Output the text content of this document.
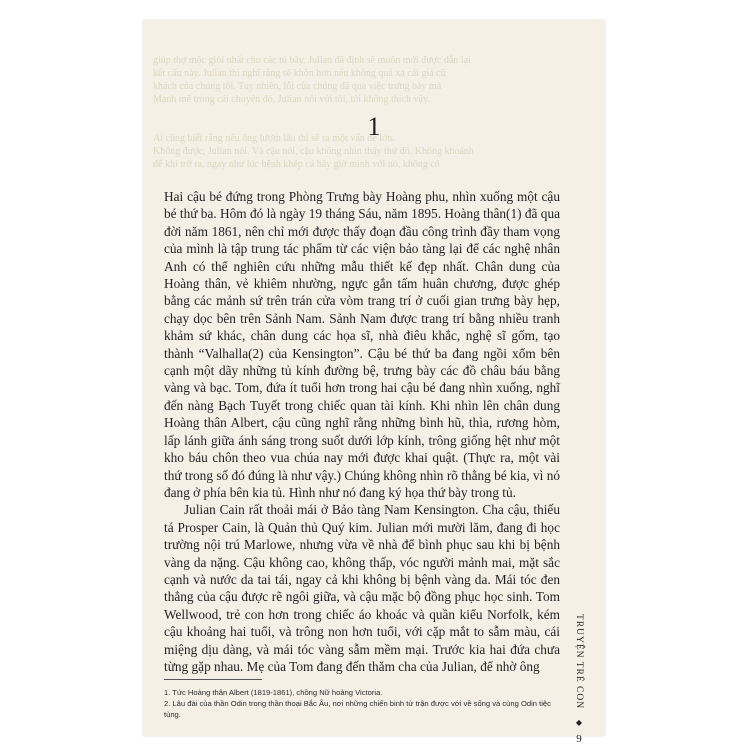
giúp thợ mộc giỏi nhất cho các tủ bày. Julian đã định sẽ muộn mới được dẫn lại
kết cấu này. Julian thì nghĩ rằng sẽ khôn hơn nếu không quá xa cái giá cũ
khách của chúng tôi. Tuy nhiên, lỗi của chúng đã qua việc trưng bày mà
Mạnh mẽ trong cái chuyện đó, Julian nói với tôi, tôi không thích vậy.

Ai cũng biết rằng nếu ông lượm lâu thì sẽ ra một vấn đề lớn.
Không được, Julian nói. Và cậu nói, cậu không nhìn thấy thứ đó. Không khoảnh
để khi trở ra, ngay như lúc bệnh khép cả bây giờ mình với nó, không có
1

Hai cậu bé đứng trong Phòng Trưng bày Hoàng phu, nhìn xuống một cậu bé thứ ba. Hôm đó là ngày 19 tháng Sáu, năm 1895. Hoàng thân(1) đã qua đời năm 1861, nên chỉ mới được thấy đoạn đầu công trình đầy tham vọng của mình là tập trung tác phẩm từ các viện bảo tàng lại để các nghệ nhân Anh có thể nghiên cứu những mẫu thiết kế đẹp nhất. Chân dung của Hoàng thân, vẻ khiêm nhường, ngực gắn tấm huân chương, được ghép bằng các mảnh sứ trên trán cửa vòm trang trí ở cuối gian trưng bày hẹp, chạy dọc bên trên Sảnh Nam. Sảnh Nam được trang trí bằng nhiều tranh khảm sứ khác, chân dung các họa sĩ, nhà điêu khắc, nghệ sĩ gốm, tạo thành “Valhalla(2) của Kensington”. Cậu bé thứ ba đang ngồi xổm bên cạnh một dãy những tủ kính đường bệ, trưng bày các đồ châu báu bằng vàng và bạc. Tom, đứa ít tuổi hơn trong hai cậu bé đang nhìn xuống, nghĩ đến nàng Bạch Tuyết trong chiếc quan tài kính. Khi nhìn lên chân dung Hoàng thân Albert, cậu cũng nghĩ rằng những bình hũ, thìa, rương hòm, lấp lánh giữa ánh sáng trong suốt dưới lớp kính, trông giống hệt như một kho báu chôn theo vua chúa nay mới được khai quật. (Thực ra, một vài thứ trong số đó đúng là như vậy.) Chúng không nhìn rõ thằng bé kia, vì nó đang ở phía bên kia tủ. Hình như nó đang ký họa thứ bày trong tủ.

Julian Cain rất thoải mái ở Bảo tàng Nam Kensington. Cha cậu, thiếu tá Prosper Cain, là Quản thủ Quý kim. Julian mới mười lăm, đang đi học trường nội trú Marlowe, nhưng vừa về nhà để bình phục sau khi bị bệnh vàng da nặng. Cậu không cao, không thấp, vóc người mảnh mai, mặt sắc cạnh và nước da tai tái, ngay cả khi không bị bệnh vàng da. Mái tóc đen thẳng của cậu được rẽ ngôi giữa, và cậu mặc bộ đồng phục học sinh. Tom Wellwood, trẻ con hơn trong chiếc áo khoác và quần kiểu Norfolk, kém cậu khoảng hai tuổi, và trông non hơn tuổi, với cặp mắt to sẫm màu, cái miệng dịu dàng, và mái tóc vàng sẫm mềm mại. Trước kia hai đứa chưa từng gặp nhau. Mẹ của Tom đang đến thăm cha của Julian, để nhờ ông

1. Tức Hoàng thân Albert (1819-1861), chồng Nữ hoàng Victoria.
2. Lâu đài của thần Odin trong thần thoại Bắc Âu, nơi những chiến binh tử trận được với về sống và cùng Odin tiệc tùng.
TRUYỆN TRẺ CON
◆
9
